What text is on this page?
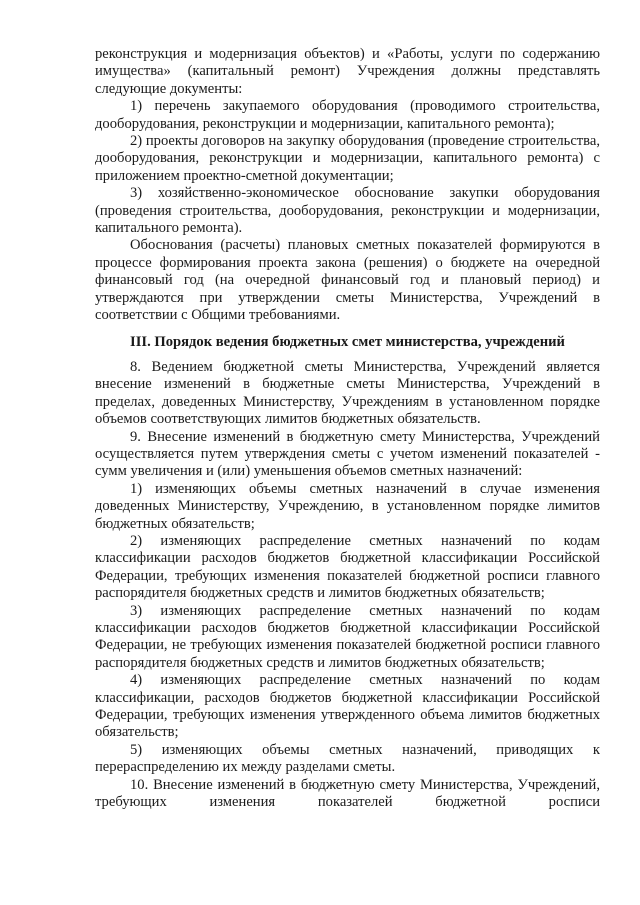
реконструкция и модернизация объектов) и «Работы, услуги по содержанию имущества» (капитальный ремонт) Учреждения должны представлять следующие документы:

1) перечень закупаемого оборудования (проводимого строительства, дооборудования, реконструкции и модернизации, капитального ремонта);

2) проекты договоров на закупку оборудования (проведение строительства, дооборудования, реконструкции и модернизации, капитального ремонта) с приложением проектно-сметной документации;

3) хозяйственно-экономическое обоснование закупки оборудования (проведения строительства, дооборудования, реконструкции и модернизации, капитального ремонта).

Обоснования (расчеты) плановых сметных показателей формируются в процессе формирования проекта закона (решения) о бюджете на очередной финансовый год (на очередной финансовый год и плановый период) и утверждаются при утверждении сметы Министерства, Учреждений в соответствии с Общими требованиями.

III. Порядок ведения бюджетных смет министерства, учреждений

8. Ведением бюджетной сметы Министерства, Учреждений является внесение изменений в бюджетные сметы Министерства, Учреждений в пределах, доведенных Министерству, Учреждениям в установленном порядке объемов соответствующих лимитов бюджетных обязательств.

9. Внесение изменений в бюджетную смету Министерства, Учреждений осуществляется путем утверждения сметы с учетом изменений показателей - сумм увеличения и (или) уменьшения объемов сметных назначений:

1) изменяющих объемы сметных назначений в случае изменения доведенных Министерству, Учреждению, в установленном порядке лимитов бюджетных обязательств;

2) изменяющих распределение сметных назначений по кодам классификации расходов бюджетов бюджетной классификации Российской Федерации, требующих изменения показателей бюджетной росписи главного распорядителя бюджетных средств и лимитов бюджетных обязательств;

3) изменяющих распределение сметных назначений по кодам классификации расходов бюджетов бюджетной классификации Российской Федерации, не требующих изменения показателей бюджетной росписи главного распорядителя бюджетных средств и лимитов бюджетных обязательств;

4) изменяющих распределение сметных назначений по кодам классификации, расходов бюджетов бюджетной классификации Российской Федерации, требующих изменения утвержденного объема лимитов бюджетных обязательств;

5) изменяющих объемы сметных назначений, приводящих к перераспределению их между разделами сметы.

10. Внесение изменений в бюджетную смету Министерства, Учреждений, требующих изменения показателей бюджетной росписи
